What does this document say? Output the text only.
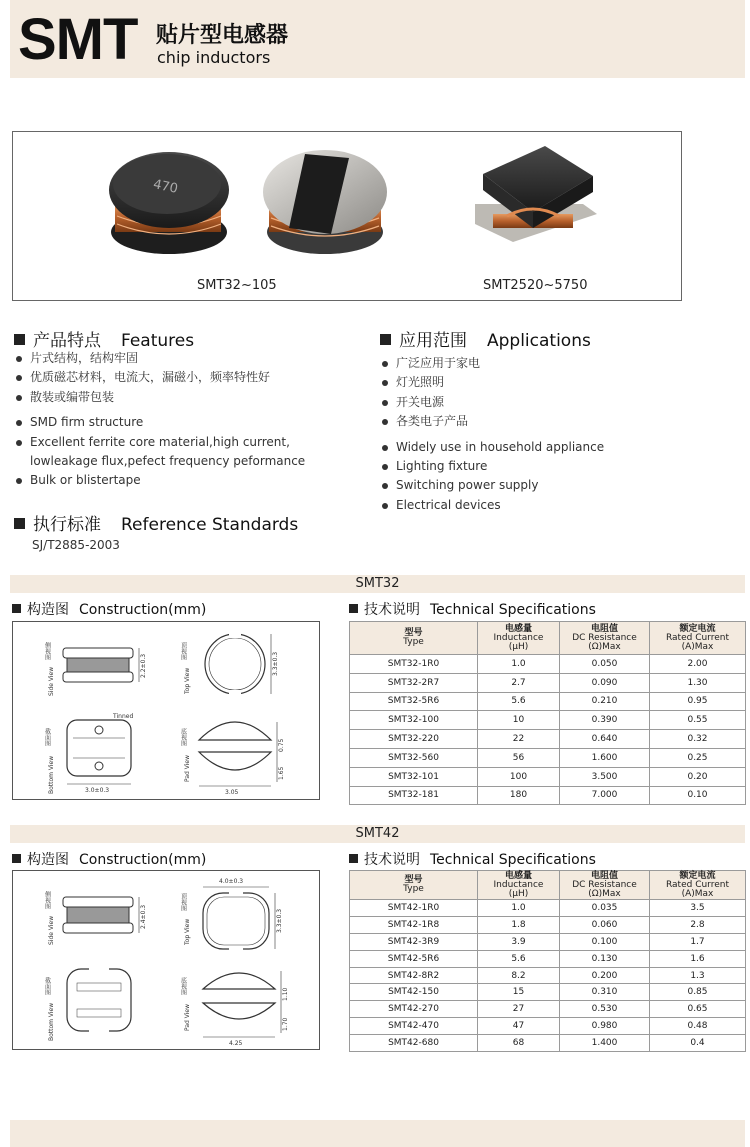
SMT 贴片型电感器
chip inductors
470
SMT32~105	SMT2520~5750
产品特点 Features
片式结构，结构牢固
优质磁芯材料，电流大，漏磁小，频率特性好
散装或编带包装
SMD firm structure
Excellent ferrite core material,high current,
lowleakage flux,pefect frequency peformance
Bulk or blistertape
应用范围 Applications
广泛应用于家电
灯光照明
开关电源
各类电子产品
Widely use in household appliance
Lighting fixture
Switching power supply
Electrical devices
执行标准 Reference Standards
SJ/T2885-2003
SMT32
构造图 Construction(mm)	技术说明 Technical Specifications
侧视图
Side View
2.2±0.3
顶视图
Top View
3.3±0.3
截面图
Bottom View
Tinned
3.0±0.3
底视图
Pad View
0.75
1.65
3.05
型号
Type	电感量
Inductance
(μH)	电阻值
DC Resistance
(Ω)Max	额定电流
Rated Current
(A)Max
SMT32-1R0	1.0	0.050	2.00
SMT32-2R7	2.7	0.090	1.30
SMT32-5R6	5.6	0.210	0.95
SMT32-100	10	0.390	0.55
SMT32-220	22	0.640	0.32
SMT32-560	56	1.600	0.25
SMT32-101	100	3.500	0.20
SMT32-181	180	7.000	0.10
SMT42
构造图 Construction(mm)	技术说明 Technical Specifications
侧视图
Side View	2.4±0.3
顶视图
Top View
4.0±0.3
3.3±0.3
截面图
Bottom View
底视图
Pad View
1.10
1.70
4.25
型号
Type	电感量
Inductance
(μH)	电阻值
DC Resistance
(Ω)Max	额定电流
Rated Current
(A)Max
SMT42-1R0	1.0	0.035	3.5
SMT42-1R8	1.8	0.060	2.8
SMT42-3R9	3.9	0.100	1.7
SMT42-5R6	5.6	0.130	1.6
SMT42-8R2	8.2	0.200	1.3
SMT42-150	15	0.310	0.85
SMT42-270	27	0.530	0.65
SMT42-470	47	0.980	0.48
SMT42-680	68	1.400	0.4
